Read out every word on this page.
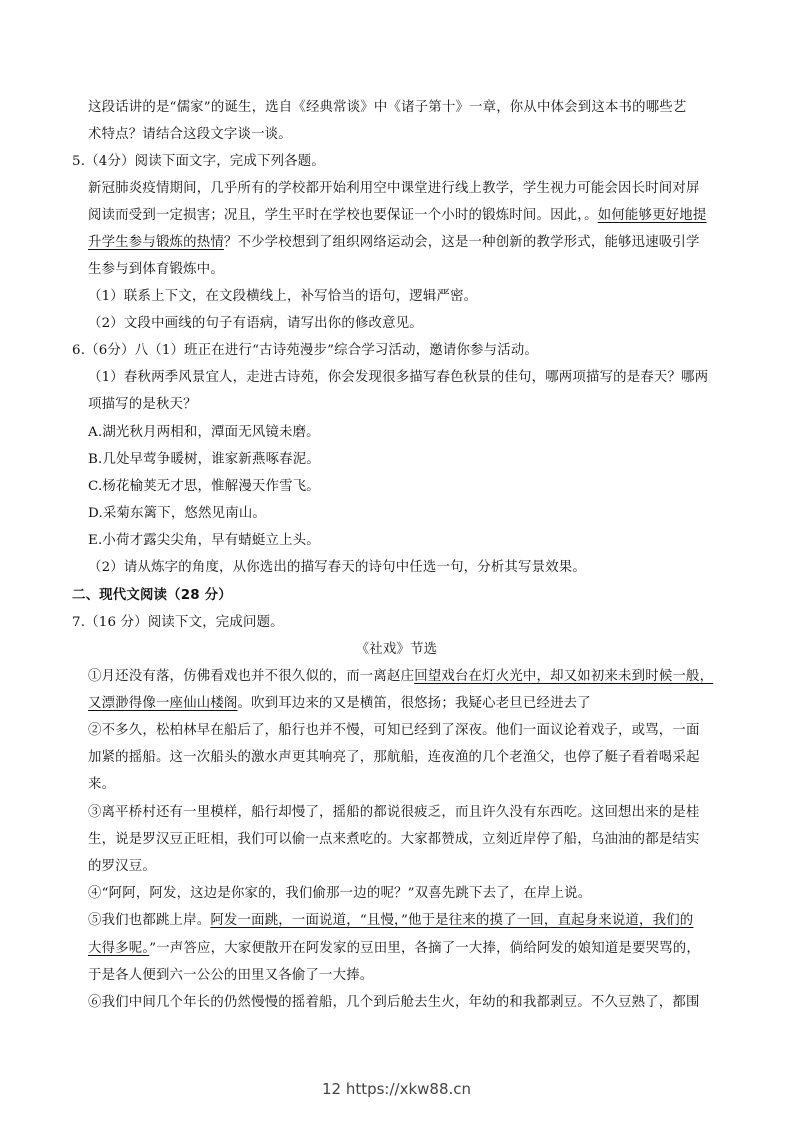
这段话讲的是“儒家”的诞生，选自《经典常谈》中《诸子第十》一章，你从中体会到这本书的哪些艺
术特点？请结合这段文字谈一谈。
5.（4分）阅读下面文字，完成下列各题。
新冠肺炎疫情期间，几乎所有的学校都开始利用空中课堂进行线上教学，学生视力可能会因长时间对屏
阅读而受到一定损害；况且，学生平时在学校也要保证一个小时的锻炼时间。因此，。如何能够更好地提
升学生参与锻炼的热情？不少学校想到了组织网络运动会，这是一种创新的教学形式，能够迅速吸引学
生参与到体育锻炼中。
（1）联系上下文，在文段横线上，补写恰当的语句，逻辑严密。
（2）文段中画线的句子有语病，请写出你的修改意见。
6.（6分）八（1）班正在进行“古诗苑漫步”综合学习活动，邀请你参与活动。
（1）春秋两季风景宜人，走进古诗苑，你会发现很多描写春色秋景的佳句，哪两项描写的是春天？哪两
项描写的是秋天？
A.湖光秋月两相和，潭面无风镜未磨。
B.几处早莺争暖树，谁家新燕啄春泥。
C.杨花榆荚无才思，惟解漫天作雪飞。
D.采菊东篱下，悠然见南山。
E.小荷才露尖尖角，早有蜻蜓立上头。
（2）请从炼字的角度，从你选出的描写春天的诗句中任选一句，分析其写景效果。
二、现代文阅读（28 分）
7.（16 分）阅读下文，完成问题。
《社戏》节选
①月还没有落，仿佛看戏也并不很久似的，而一离赵庄回望戏台在灯火光中，却又如初来未到时候一般，
又漂渺得像一座仙山楼阁。吹到耳边来的又是横笛，很悠扬；我疑心老旦已经进去了
②不多久，松柏林早在船后了，船行也并不慢，可知已经到了深夜。他们一面议论着戏子，或骂，一面
加紧的摇船。这一次船头的激水声更其响亮了，那航船，连夜渔的几个老渔父，也停了艇子看着喝采起
来。
③离平桥村还有一里模样，船行却慢了，摇船的都说很疲乏，而且许久没有东西吃。这回想出来的是桂
生，说是罗汉豆正旺相，我们可以偷一点来煮吃的。大家都赞成，立刻近岸停了船，乌油油的都是结实
的罗汉豆。
④“阿阿，阿发，这边是你家的，我们偷那一边的呢？”双喜先跳下去了，在岸上说。
⑤我们也都跳上岸。阿发一面跳，一面说道，“且慢，”他于是往来的摸了一回，直起身来说道，我们的
大得多呢。”一声答应，大家便散开在阿发家的豆田里，各摘了一大捧，倘给阿发的娘知道是要哭骂的，
于是各人便到六一公公的田里又各偷了一大捧。
⑥我们中间几个年长的仍然慢慢的摇着船，几个到后舱去生火，年幼的和我都剥豆。不久豆熟了，都围
12 https://xkw88.cn
